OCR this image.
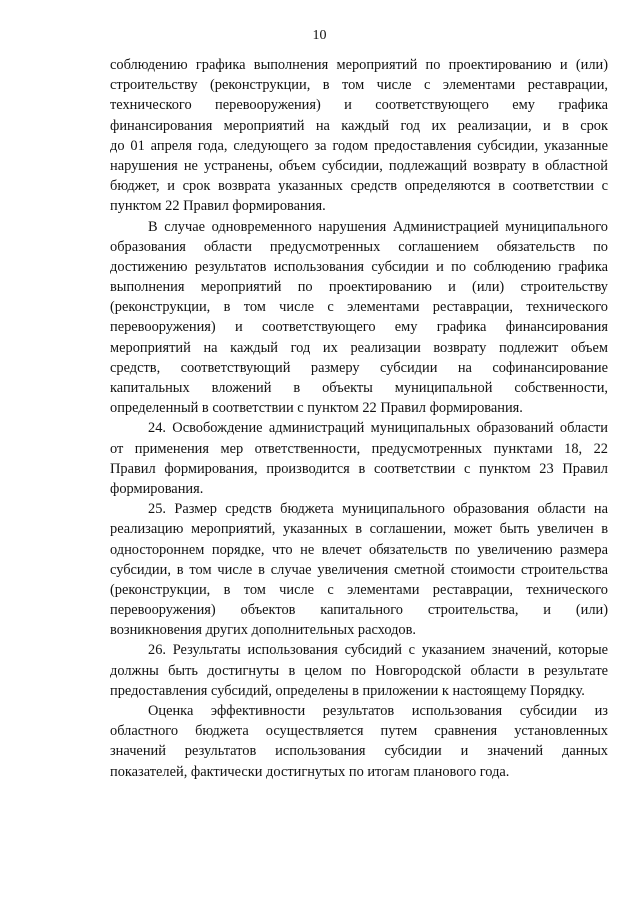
10
соблюдению графика выполнения мероприятий по проектированию и (или)
строительству (реконструкции, в том числе с элементами реставрации,
технического перевооружения) и соответствующего ему графика
финансирования мероприятий на каждый год их реализации, и в срок
до 01 апреля года, следующего за годом предоставления субсидии, указанные
нарушения не устранены, объем субсидии, подлежащий возврату в областной
бюджет, и срок возврата указанных средств определяются в соответствии с
пунктом 22 Правил формирования.
В случае одновременного нарушения Администрацией муниципального
образования области предусмотренных соглашением обязательств по
достижению результатов использования субсидии и по соблюдению графика
выполнения мероприятий по проектированию и (или) строительству
(реконструкции, в том числе с элементами реставрации, технического
перевооружения) и соответствующего ему графика финансирования
мероприятий на каждый год их реализации возврату подлежит объем
средств, соответствующий размеру субсидии на софинансирование
капитальных вложений в объекты муниципальной собственности,
определенный в соответствии с пунктом 22 Правил формирования.
24. Освобождение администраций муниципальных образований области
от применения мер ответственности, предусмотренных пунктами 18, 22
Правил формирования, производится в соответствии с пунктом 23 Правил
формирования.
25. Размер средств бюджета муниципального образования области на
реализацию мероприятий, указанных в соглашении, может быть увеличен в
одностороннем порядке, что не влечет обязательств по увеличению размера
субсидии, в том числе в случае увеличения сметной стоимости строительства
(реконструкции, в том числе с элементами реставрации, технического
перевооружения) объектов капитального строительства, и (или)
возникновения других дополнительных расходов.
26. Результаты использования субсидий с указанием значений, которые
должны быть достигнуты в целом по Новгородской области в результате
предоставления субсидий, определены в приложении к настоящему Порядку.
Оценка эффективности результатов использования субсидии из
областного бюджета осуществляется путем сравнения установленных
значений результатов использования субсидии и значений данных
показателей, фактически достигнутых по итогам планового года.
